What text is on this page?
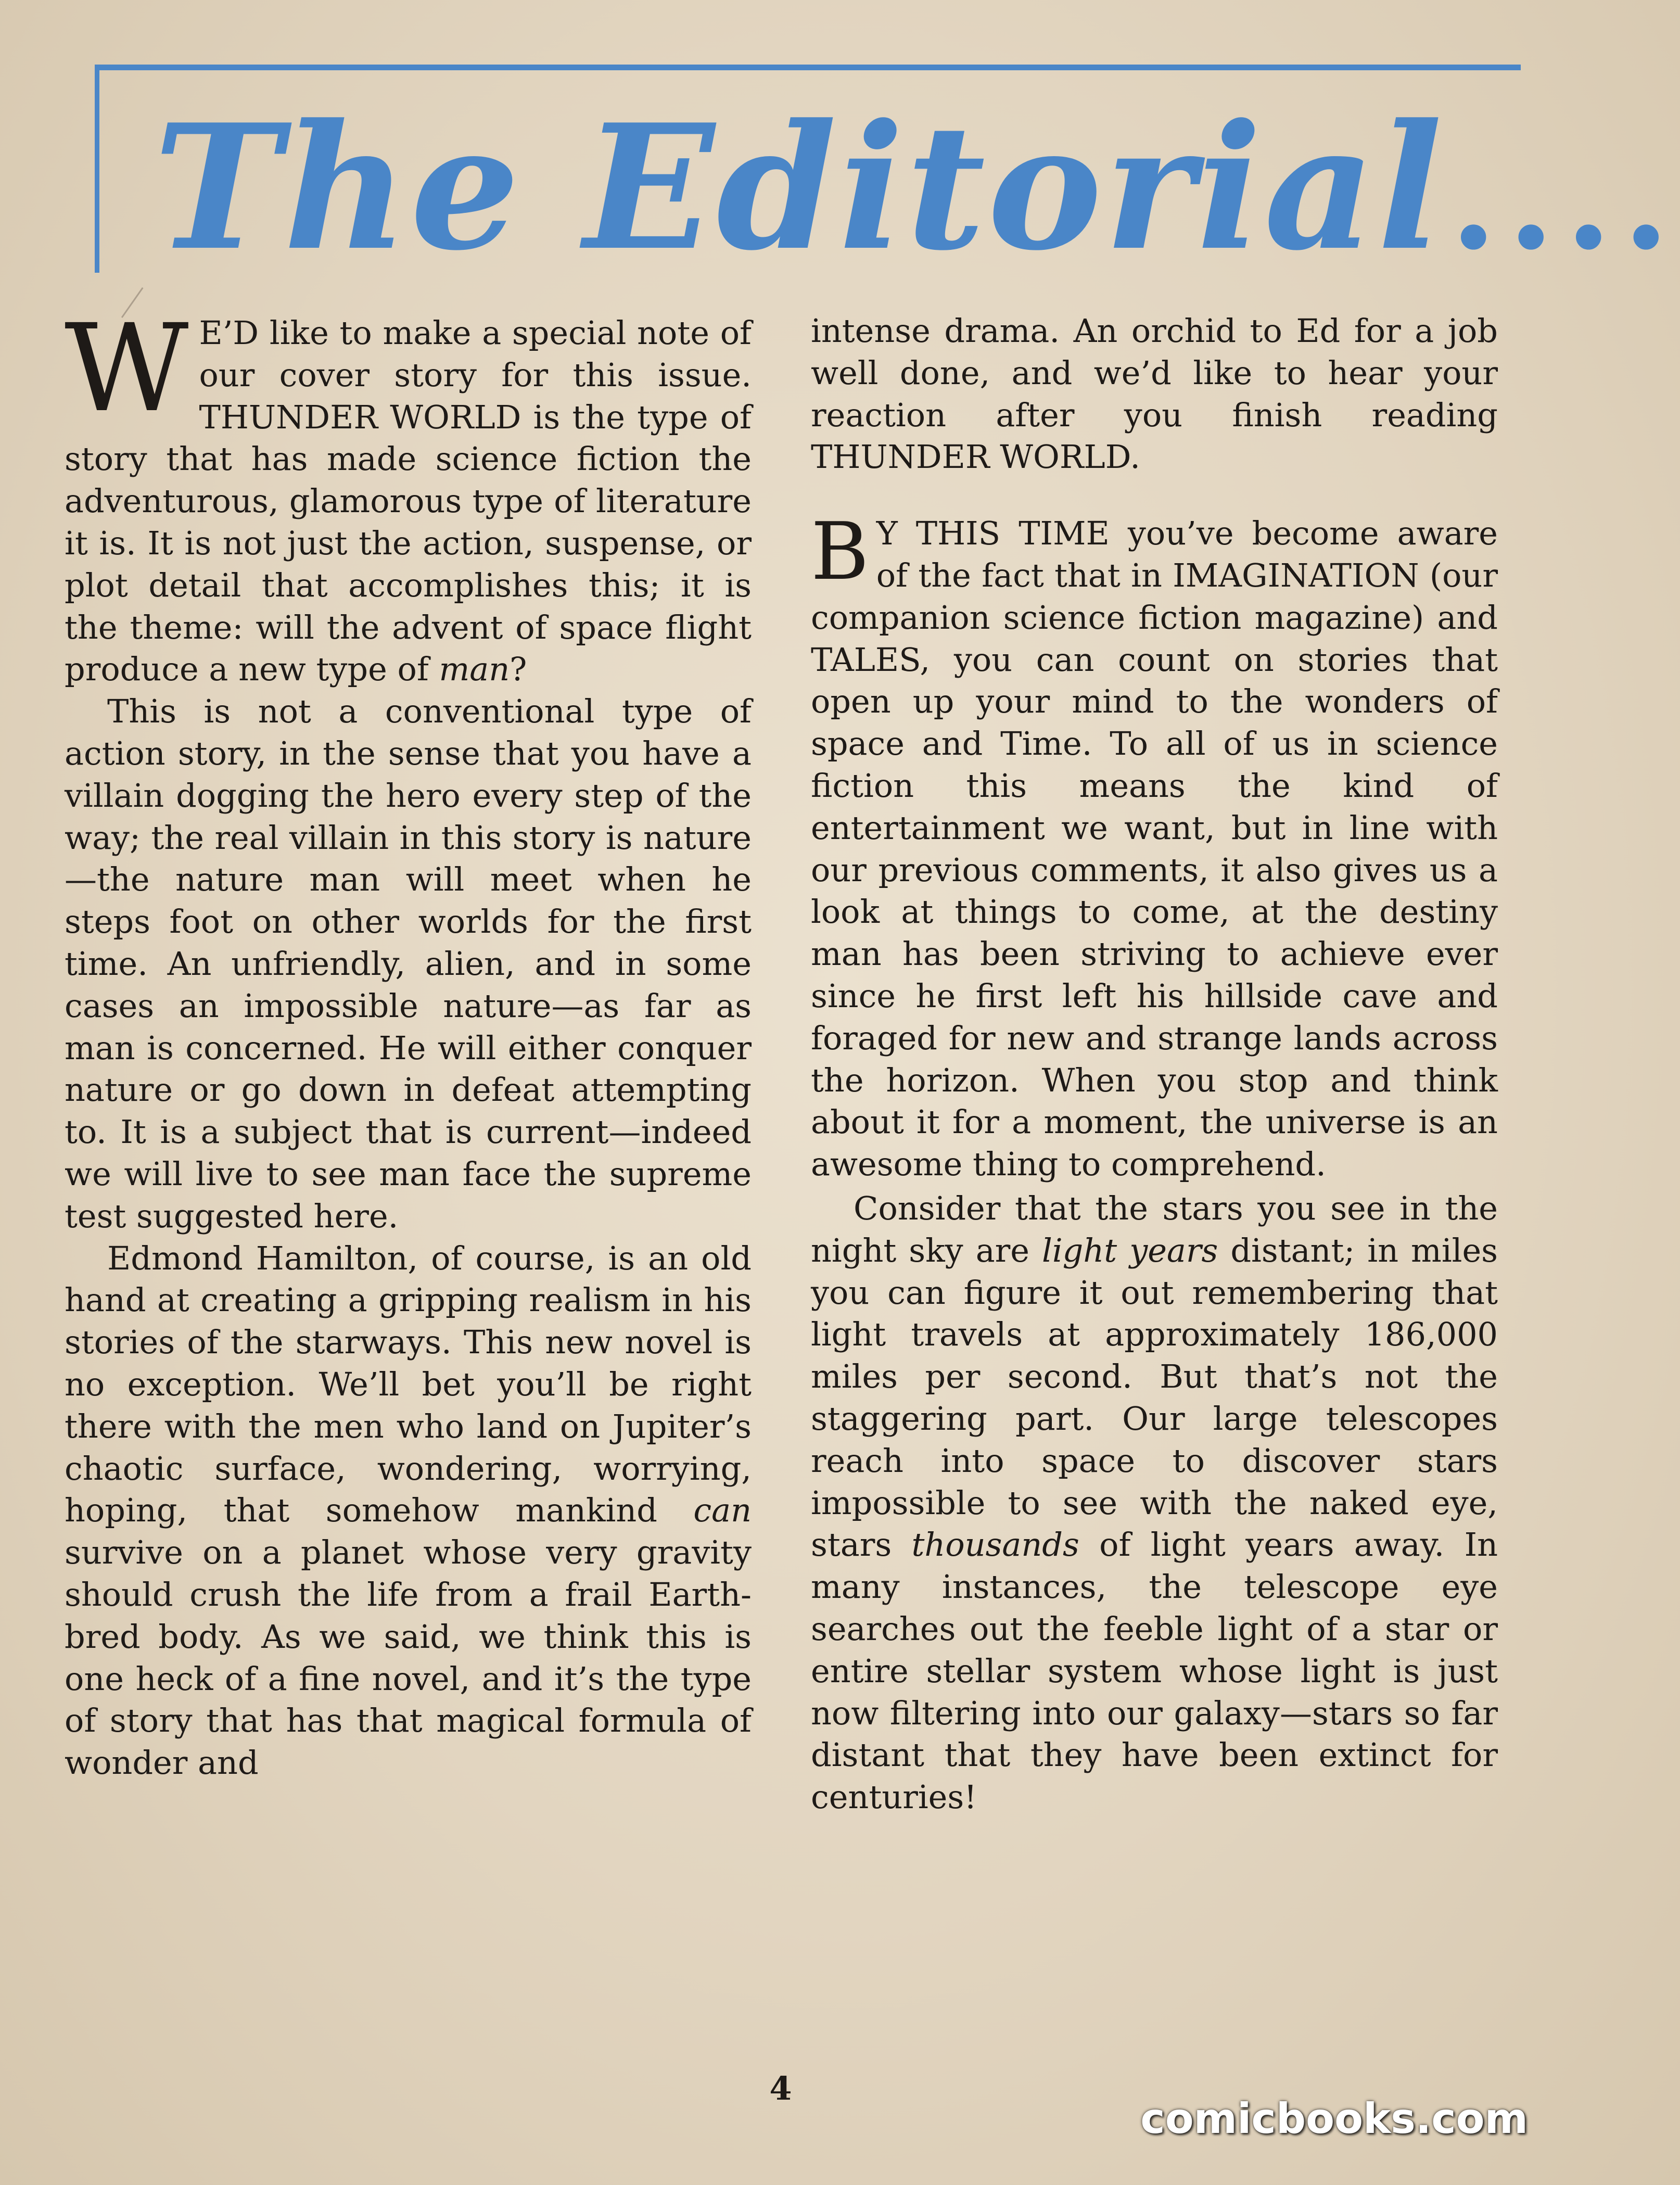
The Editorial....

W E’D like to make a special note of our cover story for this issue. THUNDER WORLD is the type of story that has made science fiction the adventurous, glamorous type of literature it is. It is not just the action, suspense, or plot detail that accomplishes this; it is the theme: will the advent of space flight produce a new type of man?

This is not a conventional type of action story, in the sense that you have a villain dogging the hero every step of the way; the real villain in this story is nature—the nature man will meet when he steps foot on other worlds for the first time. An unfriendly, alien, and in some cases an impossible nature—as far as man is concerned. He will either conquer nature or go down in defeat attempting to. It is a subject that is current—indeed we will live to see man face the supreme test suggested here.

Edmond Hamilton, of course, is an old hand at creating a gripping realism in his stories of the starways. This new novel is no exception. We’ll bet you’ll be right there with the men who land on Jupiter’s chaotic surface, wondering, worrying, hoping, that somehow mankind can survive on a planet whose very gravity should crush the life from a frail Earth-bred body. As we said, we think this is one heck of a fine novel, and it’s the type of story that has that magical formula of wonder and

intense drama. An orchid to Ed for a job well done, and we’d like to hear your reaction after you finish reading THUNDER WORLD.

B Y THIS TIME you’ve become aware of the fact that in IMAGINATION (our companion science fiction magazine) and TALES, you can count on stories that open up your mind to the wonders of space and Time. To all of us in science fiction this means the kind of entertainment we want, but in line with our previous comments, it also gives us a look at things to come, at the destiny man has been striving to achieve ever since he first left his hillside cave and foraged for new and strange lands across the horizon. When you stop and think about it for a moment, the universe is an awesome thing to comprehend.

Consider that the stars you see in the night sky are light years distant; in miles you can figure it out remembering that light travels at approximately 186,000 miles per second. But that’s not the staggering part. Our large telescopes reach into space to discover stars impossible to see with the naked eye, stars thousands of light years away. In many instances, the telescope eye searches out the feeble light of a star or entire stellar system whose light is just now filtering into our galaxy—stars so far distant that they have been extinct for centuries!

4
comicbooks.com
